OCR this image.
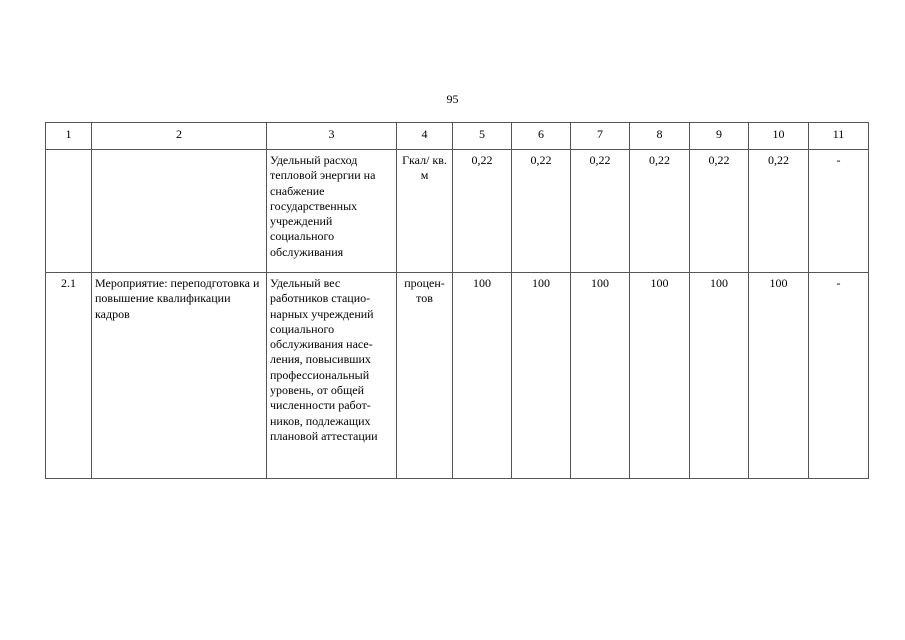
95
1	2	3	4	5	6	7	8	9	10	11
		Удельный расход тепловой энергии на снабжение государственных учреждений социального обслуживания	Гкал/ кв. м	0,22	0,22	0,22	0,22	0,22	0,22	-
2.1	Мероприятие: переподготовка и повышение квалификации кадров	Удельный вес работников стацио-нарных учреждений социального обслуживания насе-ления, повысивших профессиональный уровень, от общей численности работ-ников, подлежащих плановой аттестации	процен-тов	100	100	100	100	100	100	-
